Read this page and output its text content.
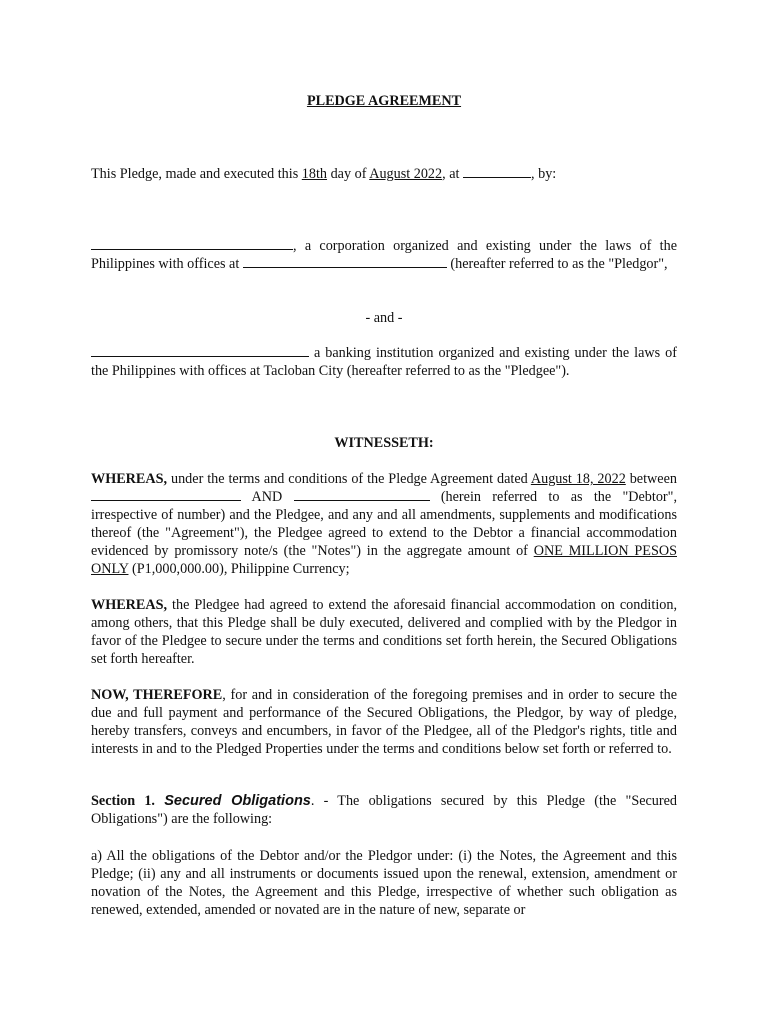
PLEDGE AGREEMENT

This Pledge, made and executed this 18th day of August 2022, at	, by:

, a corporation organized and existing under the laws of the Philippines with offices at	(hereafter referred to as the "Pledgor",

- and -

a banking institution organized and existing under the laws of the Philippines with offices at Tacloban City (hereafter referred to as the "Pledgee").

WITNESSETH:

WHEREAS, under the terms and conditions of the Pledge Agreement dated August 18, 2022 between  AND	(herein referred to as the "Debtor", irrespective of number) and the Pledgee, and any and all amendments, supplements and modifications thereof (the "Agreement"), the Pledgee agreed to extend to the Debtor a financial accommodation evidenced by promissory note/s (the "Notes") in the aggregate amount of ONE MILLION PESOS ONLY (P1,000,000.00), Philippine Currency;

WHEREAS, the Pledgee had agreed to extend the aforesaid financial accommodation on condition, among others, that this Pledge shall be duly executed, delivered and complied with by the Pledgor in favor of the Pledgee to secure under the terms and conditions set forth herein, the Secured Obligations set forth hereafter.

NOW, THEREFORE, for and in consideration of the foregoing premises and in order to secure the due and full payment and performance of the Secured Obligations, the Pledgor, by way of pledge, hereby transfers, conveys and encumbers, in favor of the Pledgee, all of the Pledgor's rights, title and interests in and to the Pledged Properties under the terms and conditions below set forth or referred to.

Section 1. Secured Obligations. - The obligations secured by this Pledge (the "Secured Obligations") are the following:

a) All the obligations of the Debtor and/or the Pledgor under: (i) the Notes, the Agreement and this Pledge; (ii) any and all instruments or documents issued upon the renewal, extension, amendment or novation of the Notes, the Agreement and this Pledge, irrespective of whether such obligation as renewed, extended, amended or novated are in the nature of new, separate or
